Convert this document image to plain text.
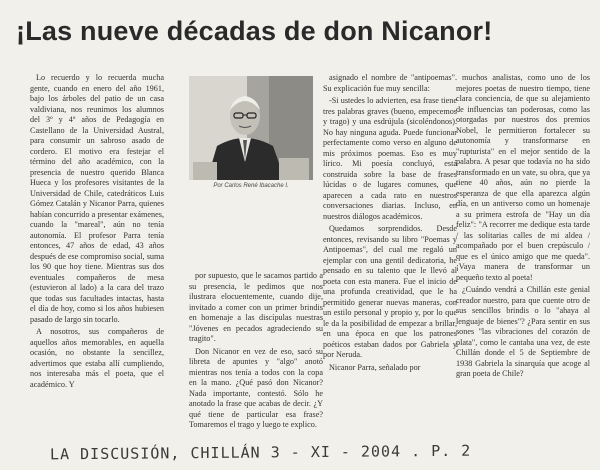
¡Las nueve décadas de don Nicanor!

Lo recuerdo y lo recuerda mucha gente, cuando en enero del año 1961, bajo los árboles del patio de un casa valdiviana, nos reunimos los alumnos del 3º y 4º años de Pedagogía en Castellano de la Universidad Austral, para consumir un sabroso asado de cordero. El motivo era festejar el término del año académico, con la presencia de nuestro querido Blanca Hueca y los profesores visitantes de la Universidad de Chile, catedráticos Luis Gómez Catalán y Nicanor Parra, quienes habían concurrido a presentar exámenes, cuando la "mareal", aún no tenía autonomía. El profesor Parra tenía entonces, 47 años de edad, 43 años después de ese compromiso social, suma los 90 que hoy tiene. Mientras sus dos eventuales compañeros de mesa (estuvieron al lado) a la cara del trazo que todas sus facultades intactas, hasta el día de hoy, como si los años hubiesen pasado de largo sin tocarlo.

A nosotros, sus compañeros de aquellos años memorables, en aquella ocasión, no obstante la sencillez, advertimos que estaba allí cumpliendo, nos interesaba más el poeta, que el académico. Y

Por Carlos René Ibacache I.

por supuesto, que le sacamos partido a su presencia, le pedimos que nos ilustrara elocuentemente, cuando dije, invitado a comer con un primer brindis en homenaje a las discípulas nuestras "Jóvenes en pecados agradeciendo su tragito".

Don Nicanor en vez de eso, sacó su libreta de apuntes y "algo" anotó mientras nos tenía a todos con la copa en la mano. ¿Qué pasó don Nicanor? Nada importante, contestó. Sólo he anotado la frase que acabas de decir. ¿Y qué tiene de particular esa frase? Tomaremos el trago y luego te explico.

asignado el nombre de "antipoemas". Su explicación fue muy sencilla:

-Si ustedes lo advierten, esa frase tiene tres palabras graves (bueno, empecemos y trago) y una esdrújula (sicoléndonos). No hay ninguna aguda. Puede funcionar perfectamente como verso en alguno de mis próximos poemas. Eso es muy lírico. Mi poesía concluyó, está construida sobre la base de frases lúcidas o de lugares comunes, que aparecen a cada rato en nuestros conversaciones diarias. Incluso, en nuestros diálogos académicos.

Quedamos sorprendidos. Desde entonces, revisando su libro "Poemas y Antipoemas", del cual me regaló un ejemplar con una gentil dedicatoria, he pensado en su talento que le llevó al poeta con esta manera. Fue el inicio de una profunda creatividad, que le ha permitido generar nuevas maneras, con un estilo personal y propio y, por lo que le da la posibilidad de empezar a brillar, en una época en que los patrones poéticos estaban dados por Gabriela y por Neruda.

Nicanor Parra, señalado por

muchos analistas, como uno de los mejores poetas de nuestro tiempo, tiene clara conciencia, de que su alejamiento de influencias tan poderosas, como las otorgadas por nuestros dos premios Nobel, le permitieron fortalecer su autonomía y transformarse en "rupturista" en el mejor sentido de la palabra. A pesar que todavía no ha sido transformado en un vate, su obra, que ya tiene 40 años, aún no pierde la esperanza de que ella aparezca algún día, en un antiverso como un homenaje a su primera estrofa de "Hay un día feliz": "A recorrer me dedique esta tarde / las solitarias calles de mi aldea / acompañado por el buen crepúsculo / que es el único amigo que me queda". ¡Vaya manera de transformar un pequeño texto al poeta!

¿Cuándo vendrá a Chillán este genial creador nuestro, para que cuente otro de sus sencillos brindis o lo "ahaya al lenguaje de bienes"? ¿Para sentir en sus sones "las vibraciones del corazón de plata", como le cantaba una vez, de este Chillán donde el 5 de Septiembre de 1938 Gabriela la sinarquía que acoge al gran poeta de Chile?

LA DISCUSIÓN, CHILLÁN 3 - XI - 2004 . P. 2
